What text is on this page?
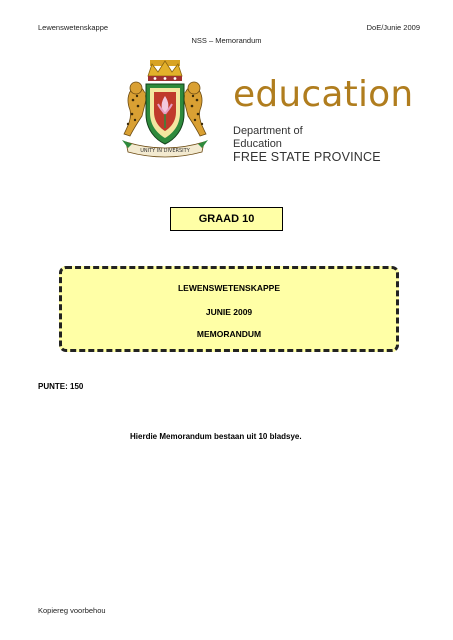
Lewenswetenskappe	DoE/Junie 2009
NSS – Memorandum
UNITY IN DIVERSITY
education
Department of
Education
FREE STATE PROVINCE
GRAAD 10
LEWENSWETENSKAPPE
JUNIE 2009
MEMORANDUM
PUNTE: 150
Hierdie Memorandum bestaan uit 10 bladsye.
Kopiereg voorbehou
